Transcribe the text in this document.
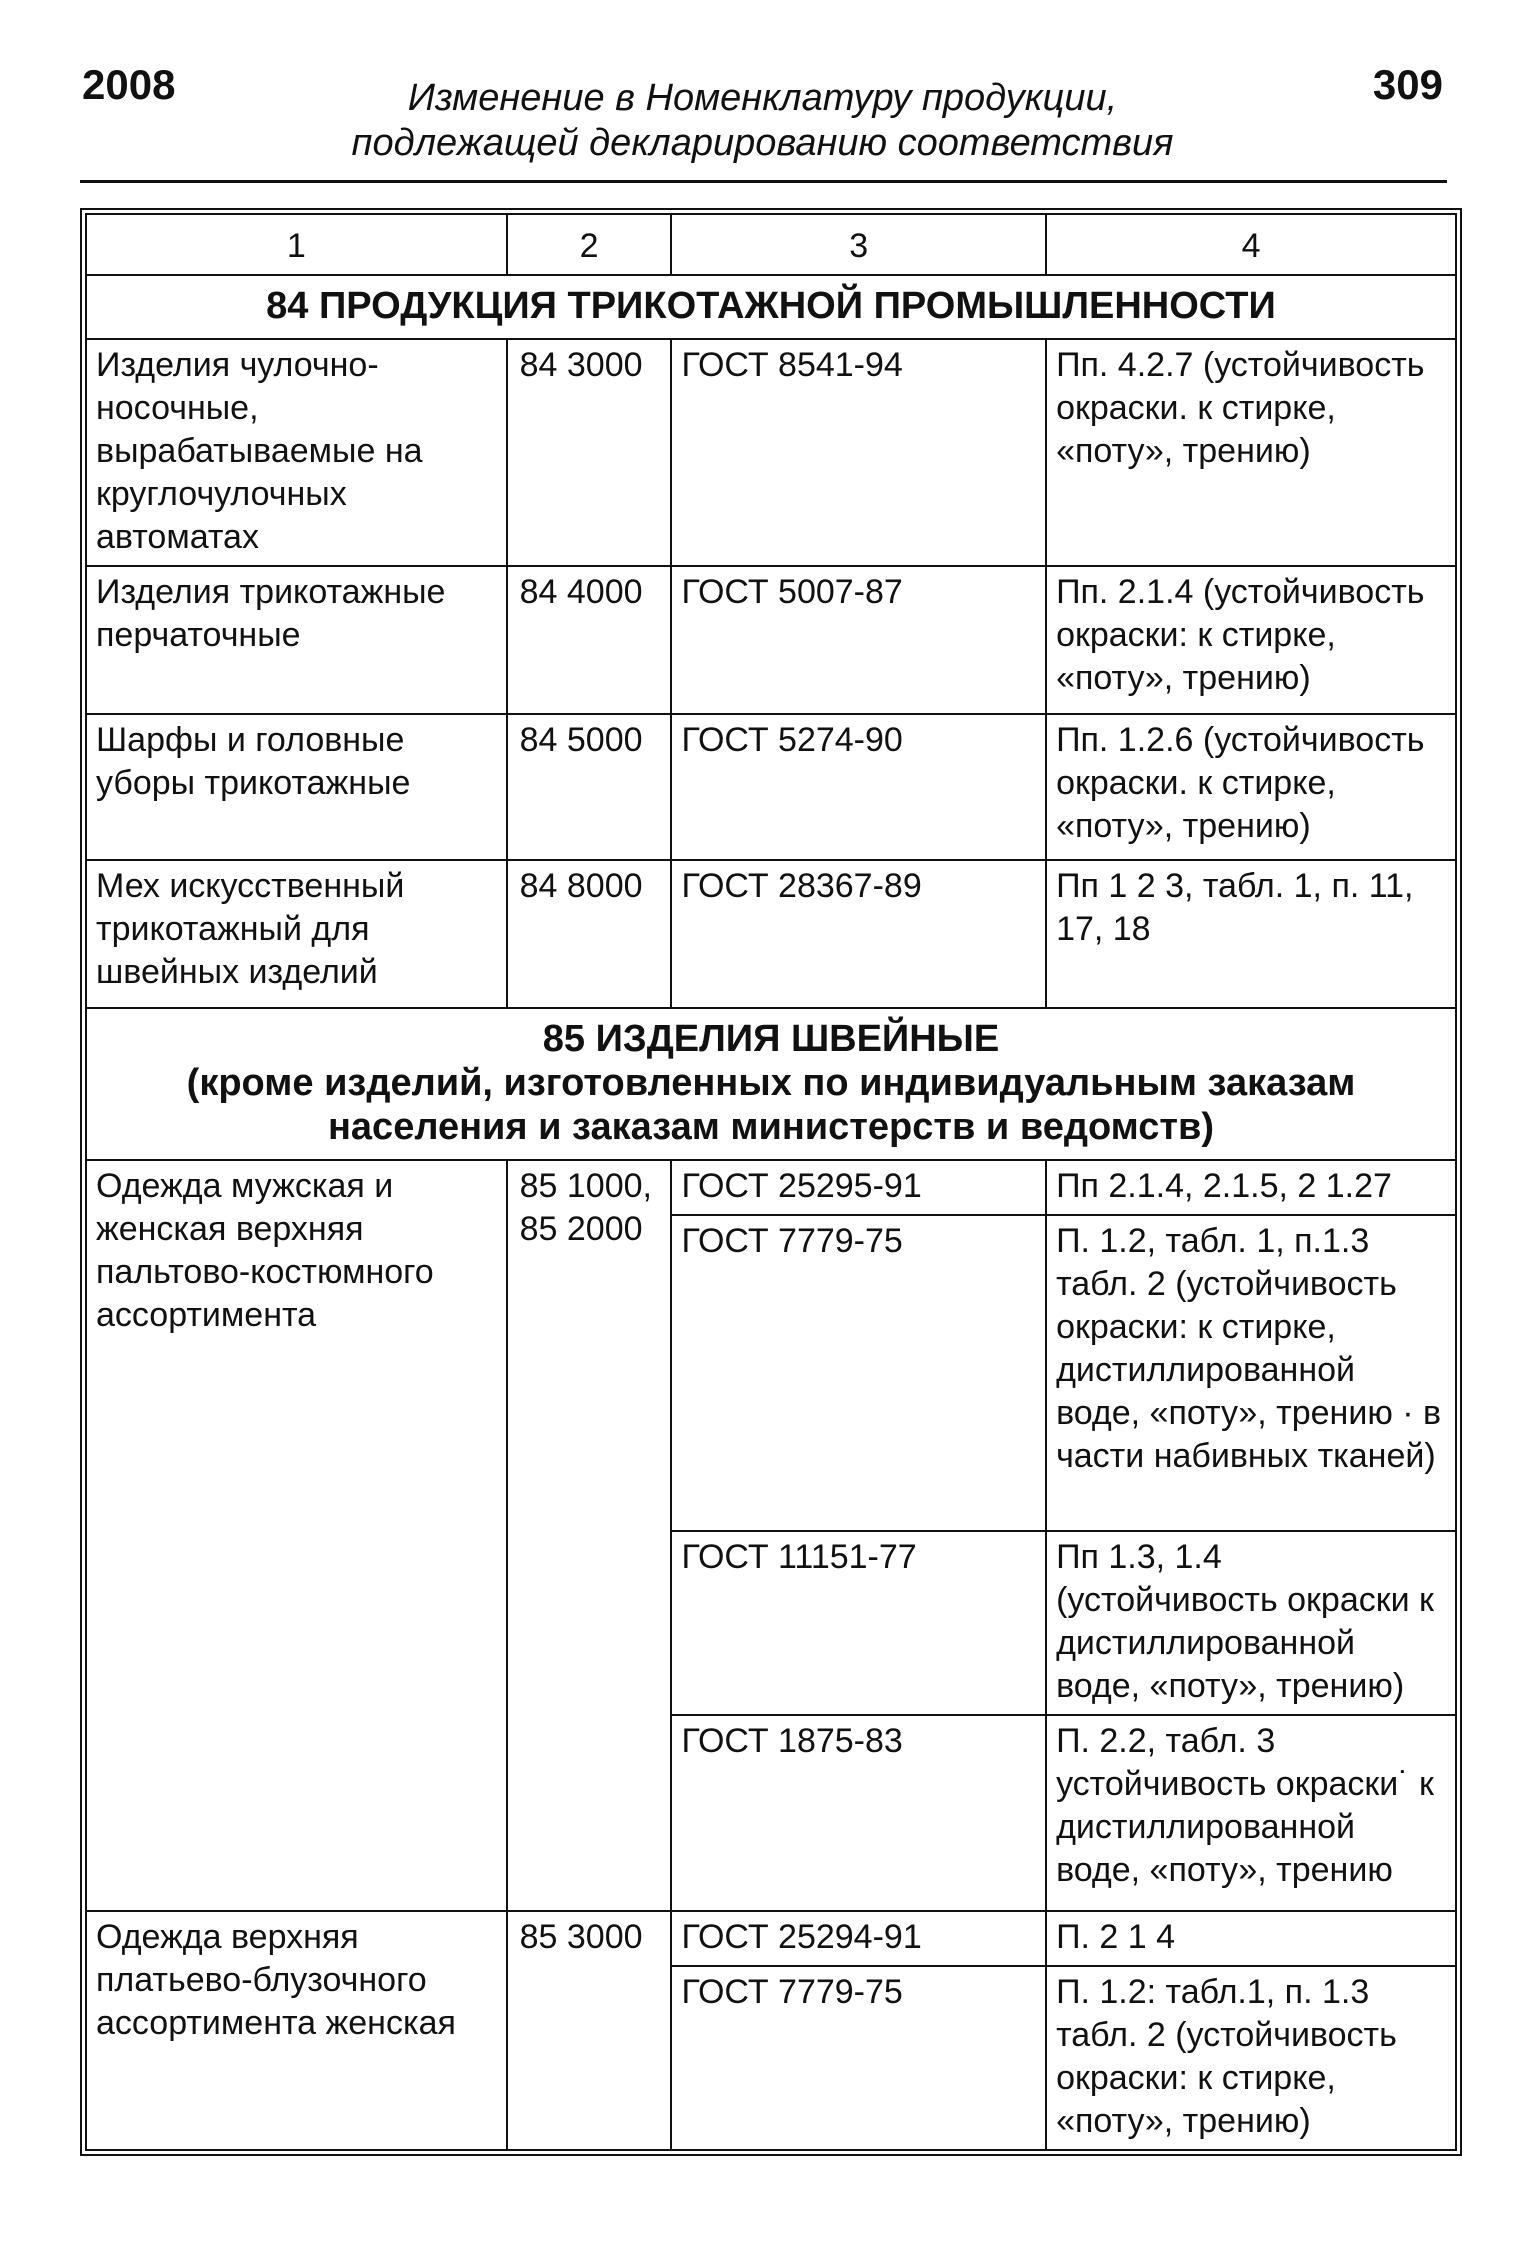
2008	Изменение в Номенклатуру продукции,
подлежащей декларированию соответствия
309
1	2	3	4
84 ПРОДУКЦИЯ ТРИКОТАЖНОЙ ПРОМЫШЛЕННОСТИ			
Изделия чулочно-носочные, вырабатываемые на круглочулочных автоматах	84 3000	ГОСТ 8541-94	Пп. 4.2.7 (устойчивость окраски. к стирке, «поту», трению)
Изделия трикотажные перчаточные	84 4000	ГОСТ 5007-87	Пп. 2.1.4 (устойчивость окраски: к стирке, «поту», трению)
Шарфы и головные уборы трикотажные	84 5000	ГОСТ 5274-90	Пп. 1.2.6 (устойчивость окраски. к стирке, «поту», трению)
Мех искусственный трикотажный для швейных изделий	84 8000	ГОСТ 28367-89	Пп 1 2 3, табл. 1, п. 11, 17, 18

85 ИЗДЕЛИЯ ШВЕЙНЫЕ
(кроме изделий, изготовленных по индивидуальным заказам
населения и заказам министерств и ведомств)			

Одежда мужская и женская верхняя пальтово-костюмного ассортимента	85 1000, 85 2000	ГОСТ 25295-91	Пп 2.1.4, 2.1.5, 2 1.27
		ГОСТ 7779-75	П. 1.2, табл. 1, п.1.3 табл. 2 (устойчивость окраски: к стирке, дистиллированной воде, «поту», трению · в части набивных тканей)
		ГОСТ 11151-77	Пп 1.3, 1.4 (устойчивость окраски к дистиллированной воде, «поту», трению)
		ГОСТ 1875-83	П. 2.2, табл. 3 устойчивость окраски˙ к дистиллированной воде, «поту», трению
Одежда верхняя платьево-блузочного ассортимента женская	85 3000	ГОСТ 25294-91	П. 2 1 4
		ГОСТ 7779-75	П. 1.2: табл.1, п. 1.3 табл. 2 (устойчивость окраски: к стирке, «поту», трению)
